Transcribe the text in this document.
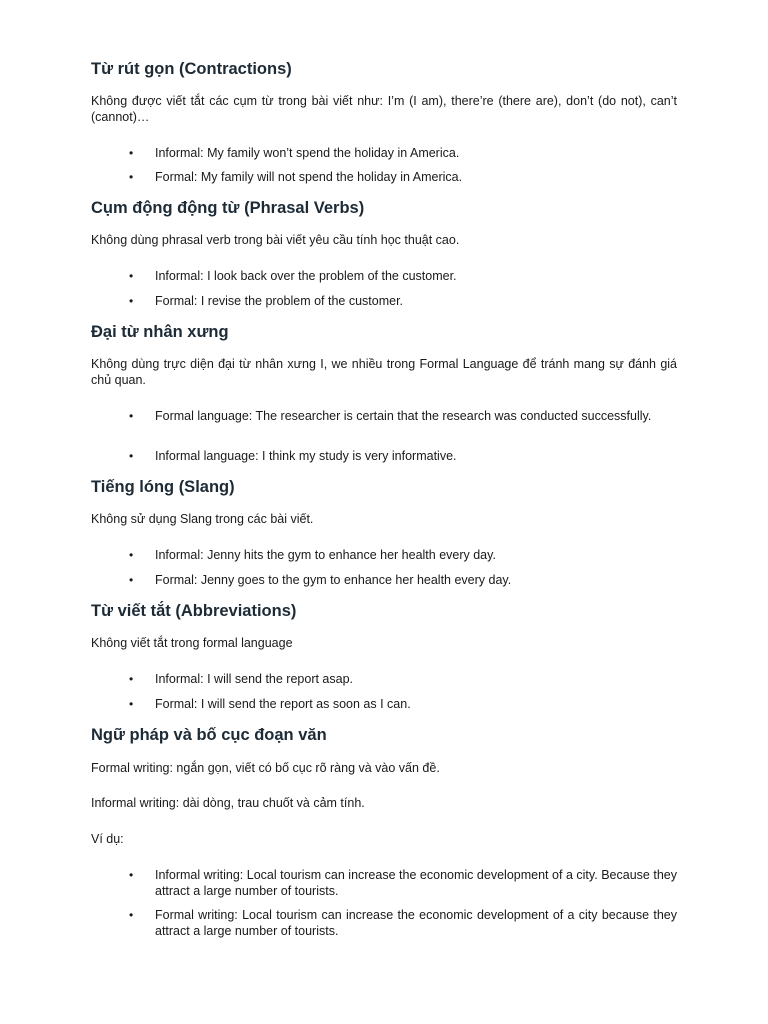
Từ rút gọn (Contractions)

Không được viết tắt các cụm từ trong bài viết như: I’m (I am), there’re (there are), don’t (do not), can’t (cannot)…

•	Informal: My family won’t spend the holiday in America.
•	Formal: My family will not spend the holiday in America.
Cụm động động từ (Phrasal Verbs)

Không dùng phrasal verb trong bài viết yêu cầu tính học thuật cao.

•	Informal: I look back over the problem of the customer.
•	Formal: I revise the problem of the customer.
Đại từ nhân xưng

Không dùng trực diện đại từ nhân xưng I, we nhiều trong Formal Language để tránh mang sự đánh giá chủ quan.

•	Formal language: The researcher is certain that the research was conducted successfully.
•	Informal language: I think my study is very informative.
Tiếng lóng (Slang)

Không sử dụng Slang trong các bài viết.

•	Informal: Jenny hits the gym to enhance her health every day.
•	Formal: Jenny goes to the gym to enhance her health every day.
Từ viết tắt (Abbreviations)

Không viết tắt trong formal language

•	Informal: I will send the report asap.
•	Formal: I will send the report as soon as I can.
Ngữ pháp và bố cục đoạn văn

Formal writing: ngắn gọn, viết có bố cục rõ ràng và vào vấn đề.

Informal writing: dài dòng, trau chuốt và cảm tính.

Ví dụ:

•	Informal writing: Local tourism can increase the economic development of a city. Because they attract a large number of tourists.
•	Formal writing: Local tourism can increase the economic development of a city because they attract a large number of tourists.
